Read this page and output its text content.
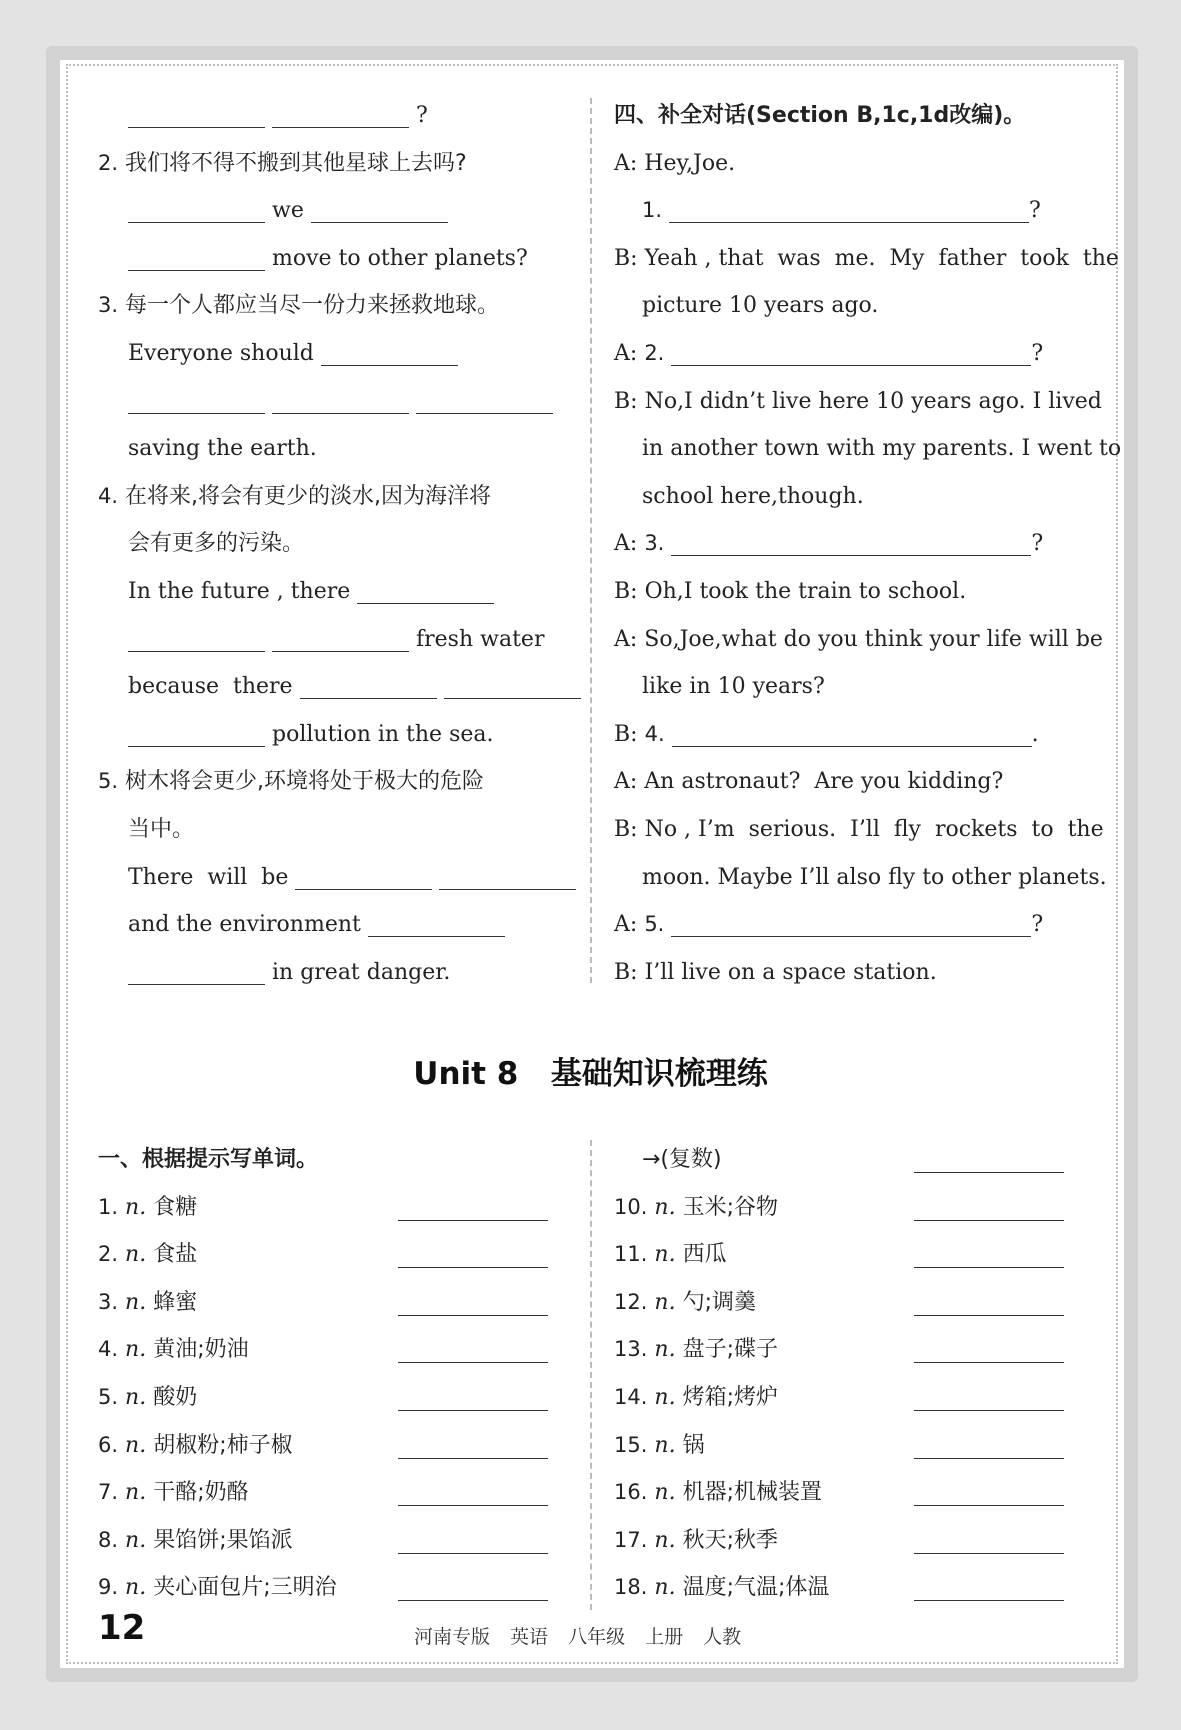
?
2. 我们将不得不搬到其他星球上去吗?
we
move to other planets?
3. 每一个人都应当尽一份力来拯救地球。
Everyone should

saving the earth.
4. 在将来,将会有更少的淡水,因为海洋将
会有更多的污染。
In the future , there
fresh water
because  there
pollution in the sea.
5. 树木将会更少,环境将处于极大的危险
当中。
There  will  be
and the environment
in great danger.
四、补全对话(Section B,1c,1d改编)。
A: Hey,Joe.
1.	?
B: Yeah , that  was  me.  My  father  took  the
picture 10 years ago.
A: 2.	?
B: No,I didn’t live here 10 years ago. I lived
in another town with my parents. I went to
school here,though.
A: 3.	?
B: Oh,I took the train to school.
A: So,Joe,what do you think your life will be
like in 10 years?
B: 4.	.
A: An astronaut?  Are you kidding?
B: No , I’m  serious.  I’ll  fly  rockets  to  the
moon. Maybe I’ll also fly to other planets.
A: 5.	?
B: I’ll live on a space station.
Unit 8   基础知识梳理练
一、根据提示写单词。
1. n. 食糖
2. n. 食盐
3. n. 蜂蜜
4. n. 黄油;奶油
5. n. 酸奶
6. n. 胡椒粉;柿子椒
7. n. 干酪;奶酪
8. n. 果馅饼;果馅派
9. n. 夹心面包片;三明治
→(复数)
10. n. 玉米;谷物
11. n. 西瓜
12. n. 勺;调羹
13. n. 盘子;碟子
14. n. 烤箱;烤炉
15. n. 锅
16. n. 机器;机械装置
17. n. 秋天;秋季
18. n. 温度;气温;体温
12	河南专版 英语 八年级 上册 人教
